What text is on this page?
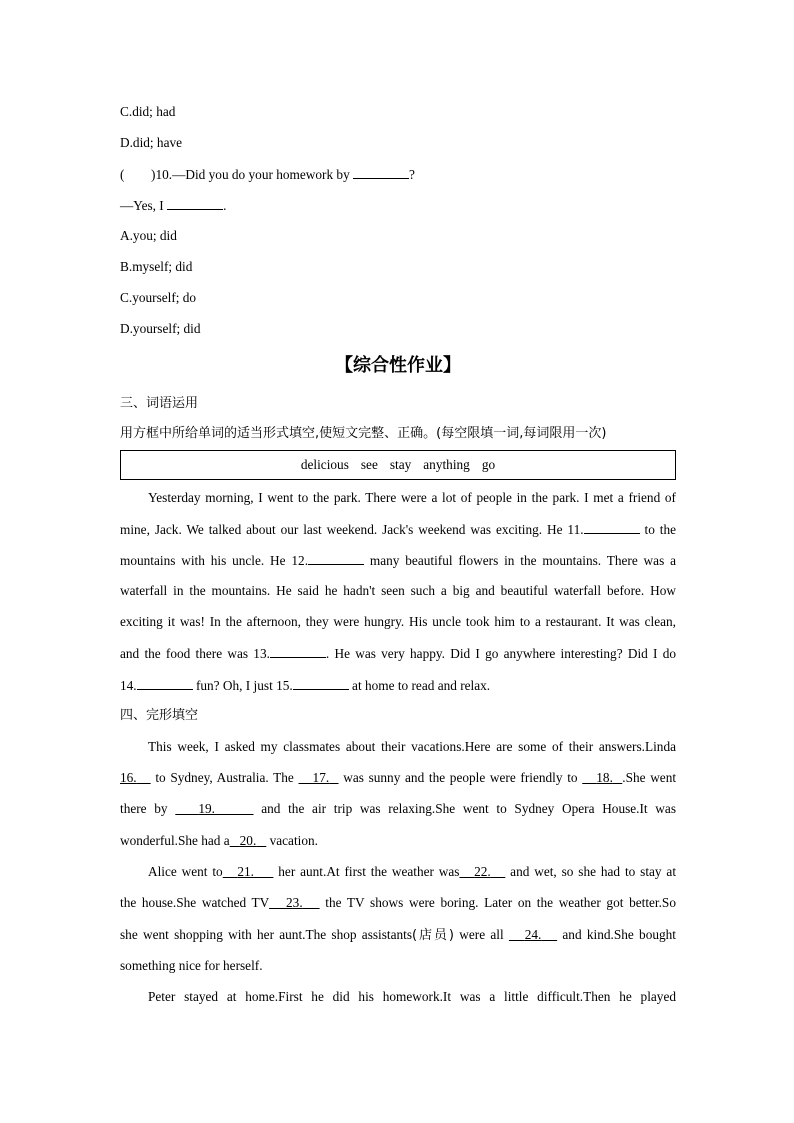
C.did; had
D.did; have
(        )10.—Did you do your homework by	?
—Yes, I	.
A.you; did
B.myself; did
C.yourself; do
D.yourself; did
【综合性作业】
三、词语运用
用方框中所给单词的适当形式填空,使短文完整、正确。(每空限填一词,每词限用一次)
delicious see stay anything go
Yesterday morning, I went to the park. There were a lot of people in the park. I met a friend of
mine, Jack. We talked about our last weekend. Jack's weekend was exciting. He 11.	to the
mountains with his uncle. He 12.	many beautiful flowers in the mountains. There was a
waterfall in the mountains. He said he hadn't seen such a big and beautiful waterfall before. How
exciting it was! In the afternoon, they were hungry. His uncle took him to a restaurant. It was clean,
and the food there was 13.	. He was very happy. Did I go anywhere interesting? Did I do
14.	fun? Oh, I just 15.	at home to read and relax.
四、完形填空
This week, I asked my classmates about their vacations.Here are some of their answers.Linda
16. to Sydney, Australia. The 17. was sunny and the people were friendly to 18. .She went
there by 19.	and the air trip was relaxing.She went to Sydney Opera House.It was
wonderful.She had a 20. vacation.
Alice went to 21. her aunt.At first the weather was 22. and wet, so she had to stay at
the house.She watched TV 23. the TV shows were boring. Later on the weather got better.So
she went shopping with her aunt.The shop assistants(店员) were all 24. and kind.She bought
something nice for herself.
Peter stayed at home.First he did his homework.It was a little difficult.Then he played
